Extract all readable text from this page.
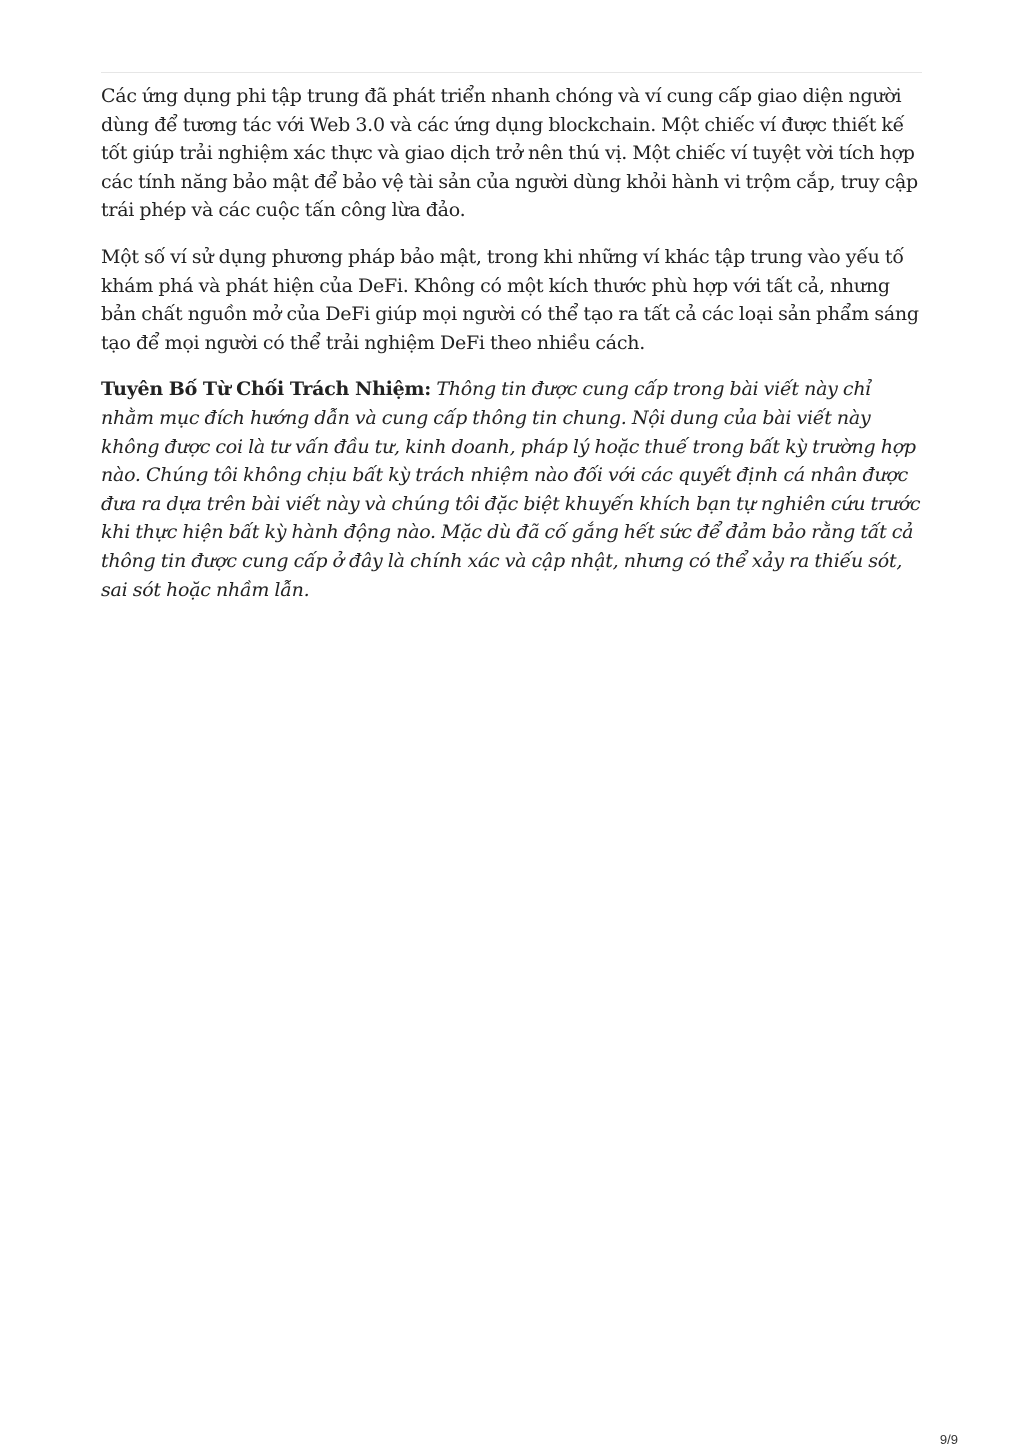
Các ứng dụng phi tập trung đã phát triển nhanh chóng và ví cung cấp giao diện người dùng để tương tác với Web 3.0 và các ứng dụng blockchain. Một chiếc ví được thiết kế tốt giúp trải nghiệm xác thực và giao dịch trở nên thú vị. Một chiếc ví tuyệt vời tích hợp các tính năng bảo mật để bảo vệ tài sản của người dùng khỏi hành vi trộm cắp, truy cập trái phép và các cuộc tấn công lừa đảo.

Một số ví sử dụng phương pháp bảo mật, trong khi những ví khác tập trung vào yếu tố khám phá và phát hiện của DeFi. Không có một kích thước phù hợp với tất cả, nhưng bản chất nguồn mở của DeFi giúp mọi người có thể tạo ra tất cả các loại sản phẩm sáng tạo để mọi người có thể trải nghiệm DeFi theo nhiều cách.

Tuyên Bố Từ Chối Trách Nhiệm: Thông tin được cung cấp trong bài viết này chỉ nhằm mục đích hướng dẫn và cung cấp thông tin chung. Nội dung của bài viết này không được coi là tư vấn đầu tư, kinh doanh, pháp lý hoặc thuế trong bất kỳ trường hợp nào. Chúng tôi không chịu bất kỳ trách nhiệm nào đối với các quyết định cá nhân được đưa ra dựa trên bài viết này và chúng tôi đặc biệt khuyến khích bạn tự nghiên cứu trước khi thực hiện bất kỳ hành động nào. Mặc dù đã cố gắng hết sức để đảm bảo rằng tất cả thông tin được cung cấp ở đây là chính xác và cập nhật, nhưng có thể xảy ra thiếu sót, sai sót hoặc nhầm lẫn.

9/9
